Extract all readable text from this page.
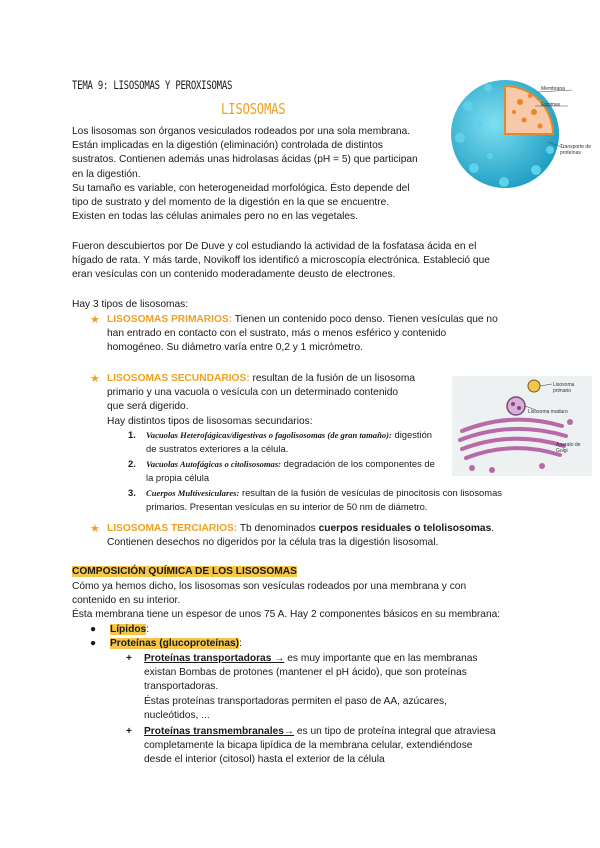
TEMA 9: LISOSOMAS Y PEROXISOMAS
LISOSOMAS
Membrana
Enzimas
Transporte de proteínas
Los lisosomas son órganos vesiculados rodeados por una sola membrana.
Están implicadas en la digestión (eliminación) controlada de distintos
sustratos. Contienen además unas hidrolasas ácidas (pH = 5) que participan
en la digestión.
Su tamaño es variable, con heterogeneidad morfológica. Ésto depende del
tipo de sustrato y del momento de la digestión en la que se encuentre.
Existen en todas las células animales pero no en las vegetales.
Fueron descubiertos por De Duve y col estudiando la actividad de la fosfatasa ácida en el
hígado de rata. Y más tarde, Novikoff los identificó a microscopía electrónica. Estableció que
eran vesículas con un contenido moderadamente deusto de electrones.
Hay 3 tipos de lisosomas:
★ LISOSOMAS PRIMARIOS: Tienen un contenido poco denso. Tienen vesículas que no
han entrado en contacto con el sustrato, más o menos esférico y contenido
homogéneo. Su diámetro varía entre 0,2 y 1 micrómetro.
★ LISOSOMAS SECUNDARIOS: resultan de la fusión de un lisosoma
primario y una vacuola o vesícula con un determinado contenido
que será digerido.
Hay distintos tipos de lisosomas secundarios:
1. Vacuolas Heterofágicas/digestivas o fagolisosomas (de gran tamaño): digestión
de sustratos exteriores a la célula.
2. Vacuolas Autofágicas o citolisosomas: degradación de los componentes de
la propia célula
3. Cuerpos Multivesiculares: resultan de la fusión de vesículas de pinocitosis con lisosomas
primarios. Presentan vesículas en su interior de 50 nm de diámetro.
Lisosoma primario
Lisosoma maduro
Aparato de Golgi
★ LISOSOMAS TERCIARIOS: Tb denominados cuerpos residuales o telolisosomas.
Contienen desechos no digeridos por la célula tras la digestión lisosomal.
COMPOSICIÓN QUÍMICA DE LOS LISOSOMAS
Cómo ya hemos dicho, los lisosomas son vesículas rodeados por una membrana y con
contenido en su interior.
Ésta membrana tiene un espesor de unos 75 A. Hay 2 componentes básicos en su membrana:
● Lípidos:
● Proteínas (glucoproteínas):
+ Proteínas transportadoras → es muy importante que en las membranas
existan Bombas de protones (mantener el pH ácido), que son proteínas
transportadoras.
Éstas proteínas transportadoras permiten el paso de AA, azúcares,
nucleótidos, ...
+ Proteínas transmembranales→ es un tipo de proteína integral que atraviesa
completamente la bicapa lipídica de la membrana celular, extendiéndose
desde el interior (citosol) hasta el exterior de la célula
